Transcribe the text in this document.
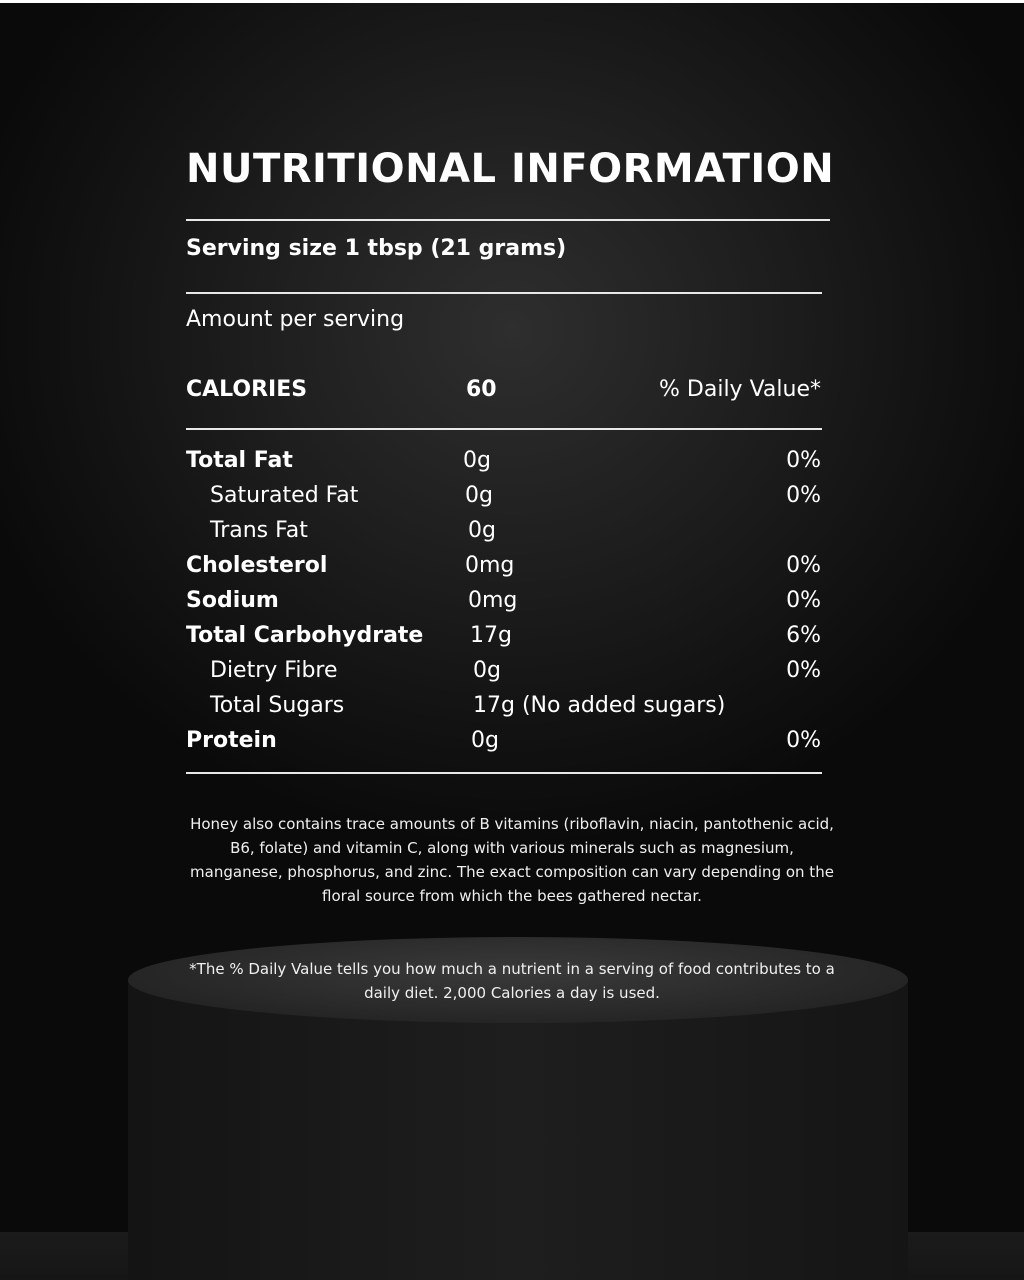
NUTRITIONAL INFORMATION
Serving size 1 tbsp (21 grams)
Amount per serving
CALORIES	60	% Daily Value*
Total Fat	0g	0%
Saturated Fat	0g	0%
Trans Fat	0g
Cholesterol	0mg	0%
Sodium	0mg	0%
Total Carbohydrate 17g	6%
Dietry Fibre	0g	0%
Total Sugars	17g (No added sugars)
Protein	0g	0%
Honey also contains trace amounts of B vitamins (riboflavin, niacin, pantothenic acid, B6, folate) and vitamin C, along with various minerals such as magnesium, manganese, phosphorus, and zinc. The exact composition can vary depending on the floral source from which the bees gathered nectar.
*The % Daily Value tells you how much a nutrient in a serving of food contributes to a daily diet. 2,000 Calories a day is used.
